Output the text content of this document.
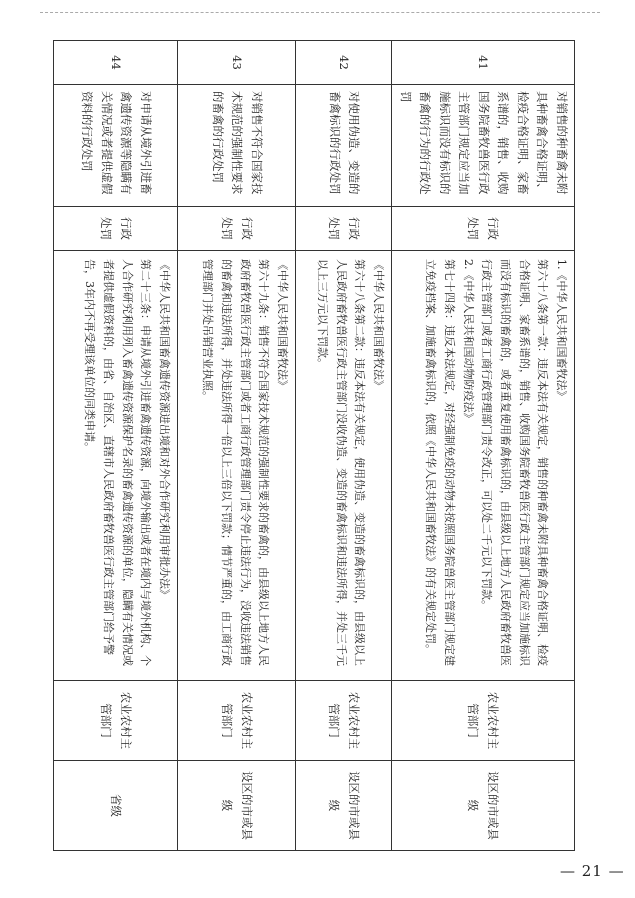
41	对销售的种畜禽未附具种畜禽合格证明、检疫合格证明、家畜系谱的，销售、收购国务院畜牧兽医行政主管部门规定应当加施标识而没有标识的畜禽的行为的行政处罚	行政处罚	1.《中华人民共和国畜牧法》
第六十八条第一款：违反本法有关规定，销售的种畜禽未附具种畜禽合格证明、检疫合格证明、家畜系谱的，销售、收购国务院畜牧兽医行政主管部门规定应当加施标识而没有标识的畜禽的，或者重复使用畜禽标识的，由县级以上地方人民政府畜牧兽医行政主管部门或者工商行政管理部门责令改正，可以处二千元以下罚款。
2.《中华人民共和国动物防疫法》
第七十四条：违反本法规定，对经强制免疫的动物未按照国务院兽医主管部门规定建立免疫档案、加施畜禽标识的，依照《中华人民共和国畜牧法》的有关规定处罚。	农业农村主管部门	设区的市或县级
42	对使用伪造、变造的畜禽标识的行政处罚	行政处罚	《中华人民共和国畜牧法》
第六十八条第二款：违反本法有关规定，使用伪造、变造的畜禽标识的，由县级以上人民政府畜牧兽医行政主管部门没收伪造、变造的畜禽标识和违法所得，并处三千元以上三万元以下罚款。	农业农村主管部门	设区的市或县级
43	对销售不符合国家技术规范的强制性要求的畜禽的行政处罚	行政处罚	《中华人民共和国畜牧法》
第六十九条：销售不符合国家技术规范的强制性要求的畜禽的，由县级以上地方人民政府畜牧兽医行政主管部门或者工商行政管理部门责令停止违法行为，没收违法销售的畜禽和违法所得，并处违法所得一倍以上三倍以下罚款；情节严重的，由工商行政管理部门并处吊销营业执照。	农业农村主管部门	设区的市或县级
44	对申请从境外引进畜禽遗传资源等隐瞒有关情况或者提供虚假资料的行政处罚	行政处罚	《中华人民共和国畜禽遗传资源进出境和对外合作研究利用审批办法》
第二十三条：申请从境外引进畜禽遗传资源，向境外输出或者在境内与境外机构、个人合作研究利用列入畜禽遗传资源保护名录的畜禽遗传资源的单位，隐瞒有关情况或者提供虚假资料的，由省、自治区、直辖市人民政府畜牧兽医行政主管部门给予警告，3年内不再受理该单位的同类申请。	农业农村主管部门	省级
— 21 —
